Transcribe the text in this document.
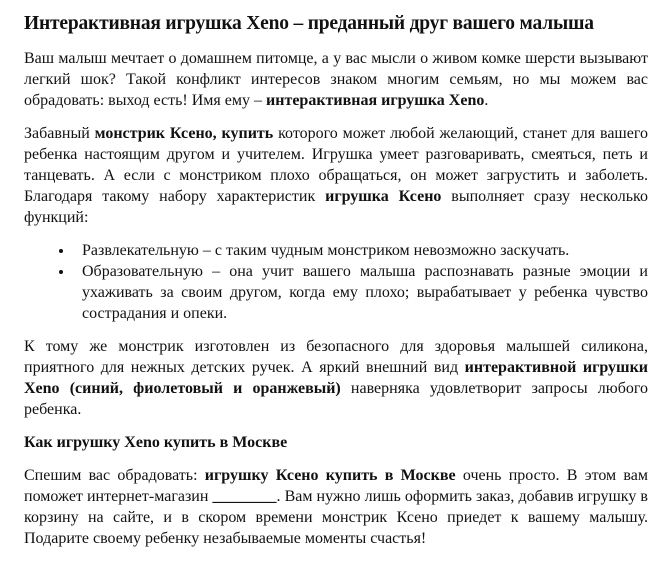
Интерактивная игрушка Xeno – преданный друг вашего малыша

Ваш малыш мечтает о домашнем питомце, а у вас мысли о живом комке шерсти вызывают легкий шок? Такой конфликт интересов знаком многим семьям, но мы можем вас обрадовать: выход есть! Имя ему – интерактивная игрушка Xeno.

Забавный монстрик Ксено, купить которого может любой желающий, станет для вашего ребенка настоящим другом и учителем. Игрушка умеет разговаривать, смеяться, петь и танцевать. А если с монстриком плохо обращаться, он может загрустить и заболеть. Благодаря такому набору характеристик игрушка Ксено выполняет сразу несколько функций:

• Развлекательную – с таким чудным монстриком невозможно заскучать.
• Образовательную – она учит вашего малыша распознавать разные эмоции и ухаживать за своим другом, когда ему плохо; вырабатывает у ребенка чувство сострадания и опеки.

К тому же монстрик изготовлен из безопасного для здоровья малышей силикона, приятного для нежных детских ручек. А яркий внешний вид интерактивной игрушки Xeno (синий, фиолетовый и оранжевый) наверняка удовлетворит запросы любого ребенка.

Как игрушку Xeno купить в Москве

Спешим вас обрадовать: игрушку Ксено купить в Москве очень просто. В этом вам поможет интернет-магазин ________. Вам нужно лишь оформить заказ, добавив игрушку в корзину на сайте, и в скором времени монстрик Ксено приедет к вашему малышу. Подарите своему ребенку незабываемые моменты счастья!
